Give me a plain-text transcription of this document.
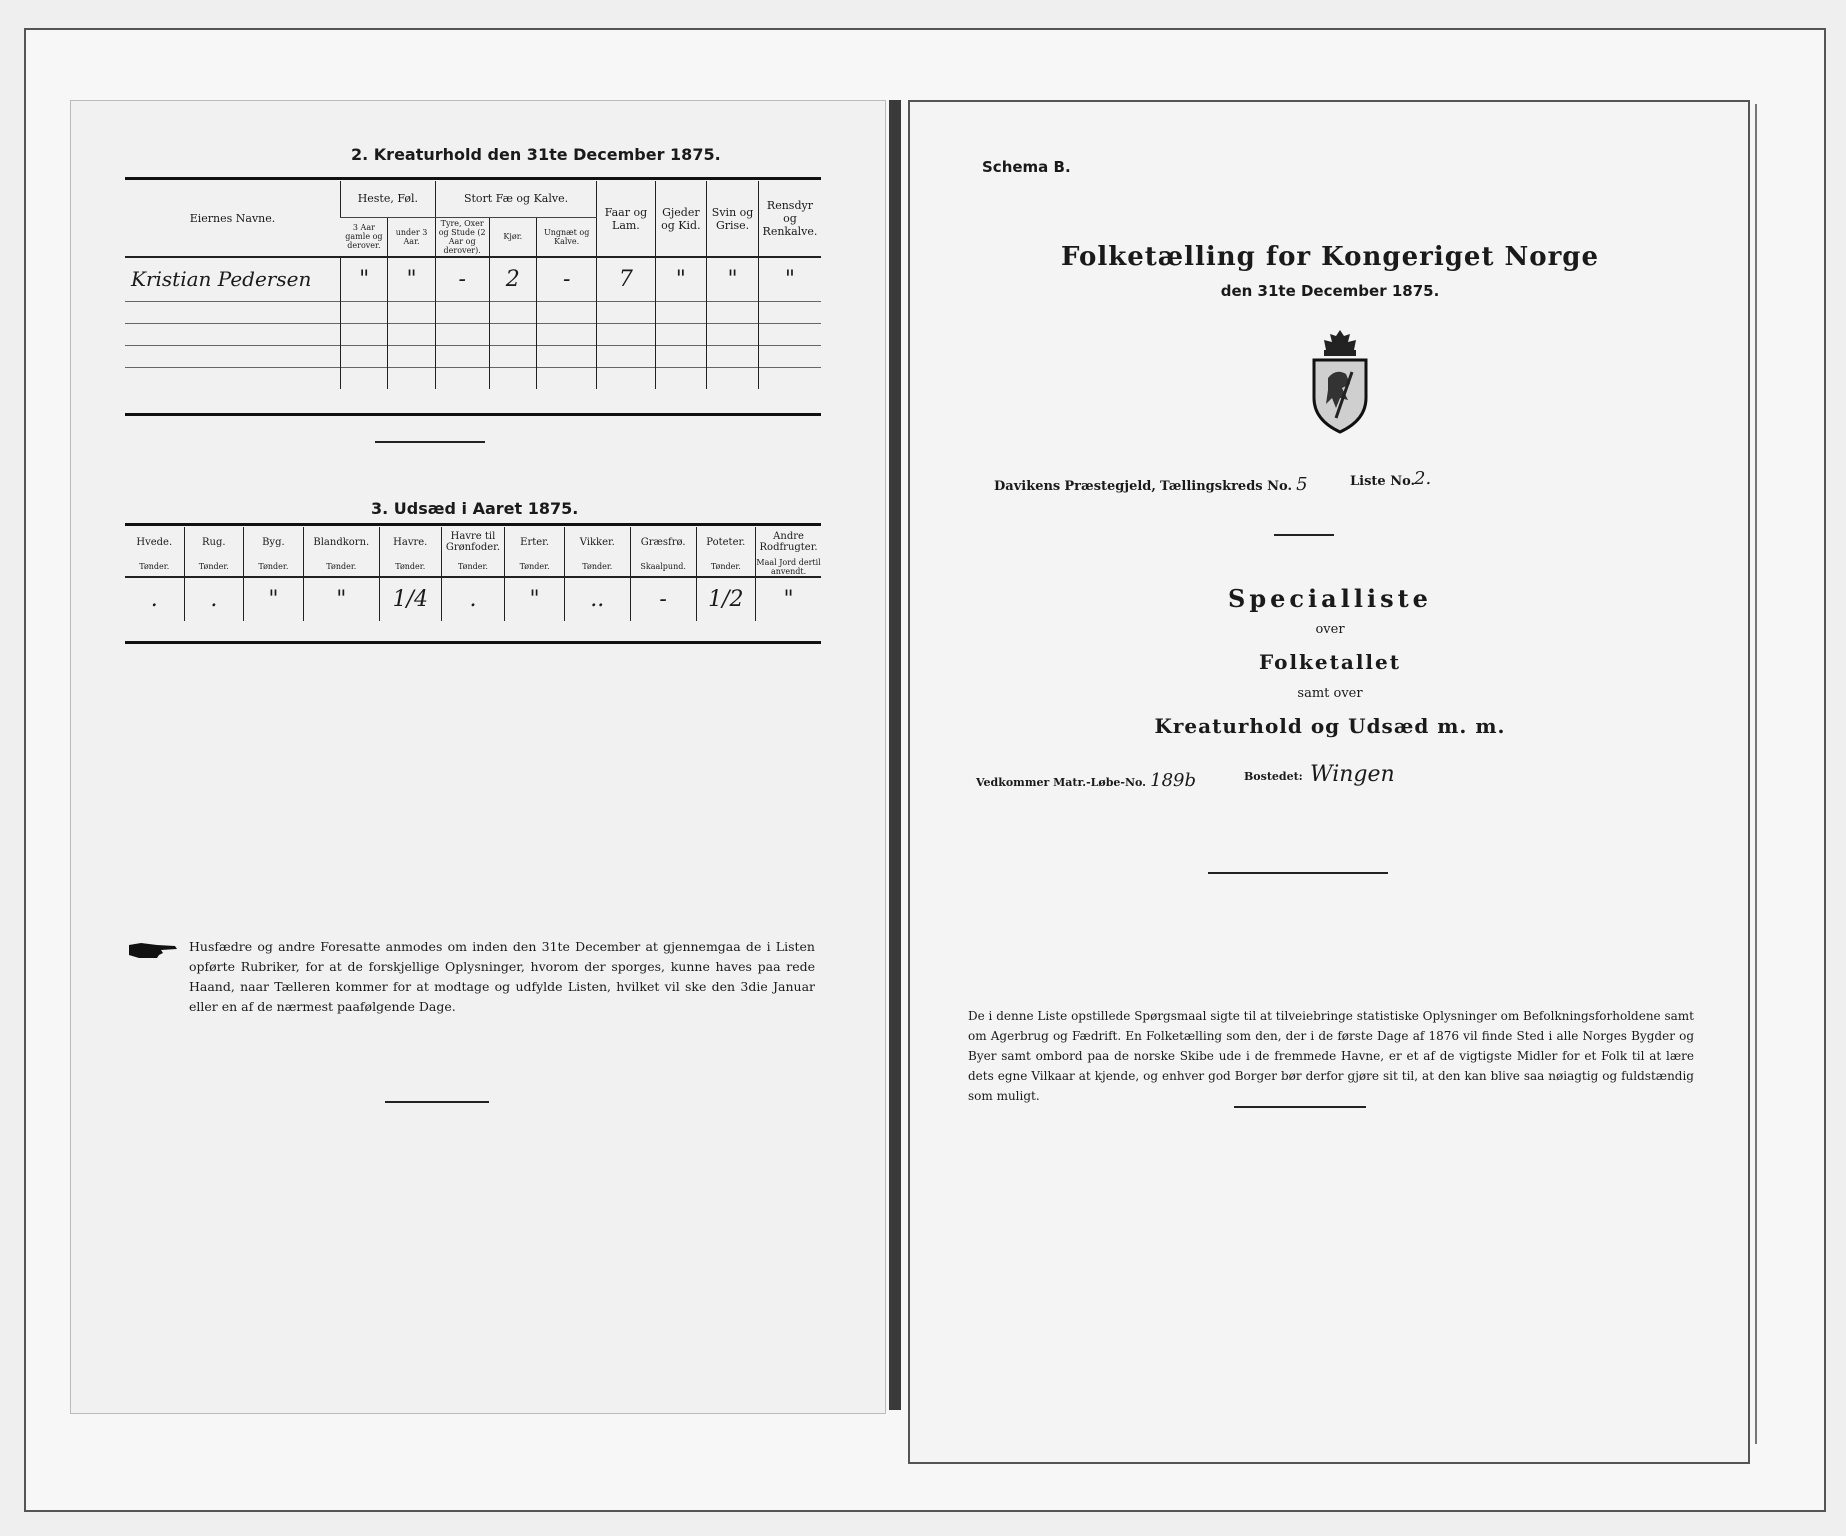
2. Kreaturhold den 31te December 1875.
Eiernes Navne.	Heste, Føl.		Stort Fæ og Kalve.			Faar og Lam.	Gjeder og Kid.	Svin og Grise.	Rensdyr og Renkalve.
	3 Aar gamle og derover.	under 3 Aar.	Tyre, Oxer og Stude (2 Aar og derover).	Kjør.	Ungnæt og Kalve.				
Kristian Pedersen	"	"	-	2	-	7	"	"	"

3. Udsæd i Aaret 1875.
Hvede.	Rug.	Byg.	Blandkorn.	Havre.	Havre til Grønfoder.	Erter.	Vikker.	Græsfrø.	Poteter.	Andre Rodfrugter.
Tønder.	Tønder.	Tønder.	Tønder.	Tønder.	Tønder.	Tønder.	Tønder.	Skaalpund.	Tønder.	Maal Jord dertil anvendt.
.	.	"	"	1/4	.	"	..	-	1/2	"
Husfædre og andre Foresatte anmodes om inden den 31te December at gjennemgaa de i Listen opførte Rubriker, for at de forskjellige Oplysninger, hvorom der sporges, kunne haves paa rede Haand, naar Tælleren kommer for at modtage og udfylde Listen, hvilket vil ske den 3die Januar eller en af de nærmest paafølgende Dage.
Schema B.
Folketælling for Kongeriget Norge
den 31te December 1875.
Davikens Præstegjeld, Tællingskreds No. 5	Liste No.
2.
Specialliste
over
Folketallet
samt over
Kreaturhold og Udsæd m. m.
Vedkommer Matr.-Løbe-No. 189b	Bostedet: Wingen
De i denne Liste opstillede Spørgsmaal sigte til at tilveiebringe statistiske Oplysninger om Befolkningsforholdene samt om Agerbrug og Fædrift. En Folketælling som den, der i de første Dage af 1876 vil finde Sted i alle Norges Bygder og Byer samt ombord paa de norske Skibe ude i de fremmede Havne, er et af de vigtigste Midler for et Folk til at lære dets egne Vilkaar at kjende, og enhver god Borger bør derfor gjøre sit til, at den kan blive saa nøiagtig og fuldstændig som muligt.
